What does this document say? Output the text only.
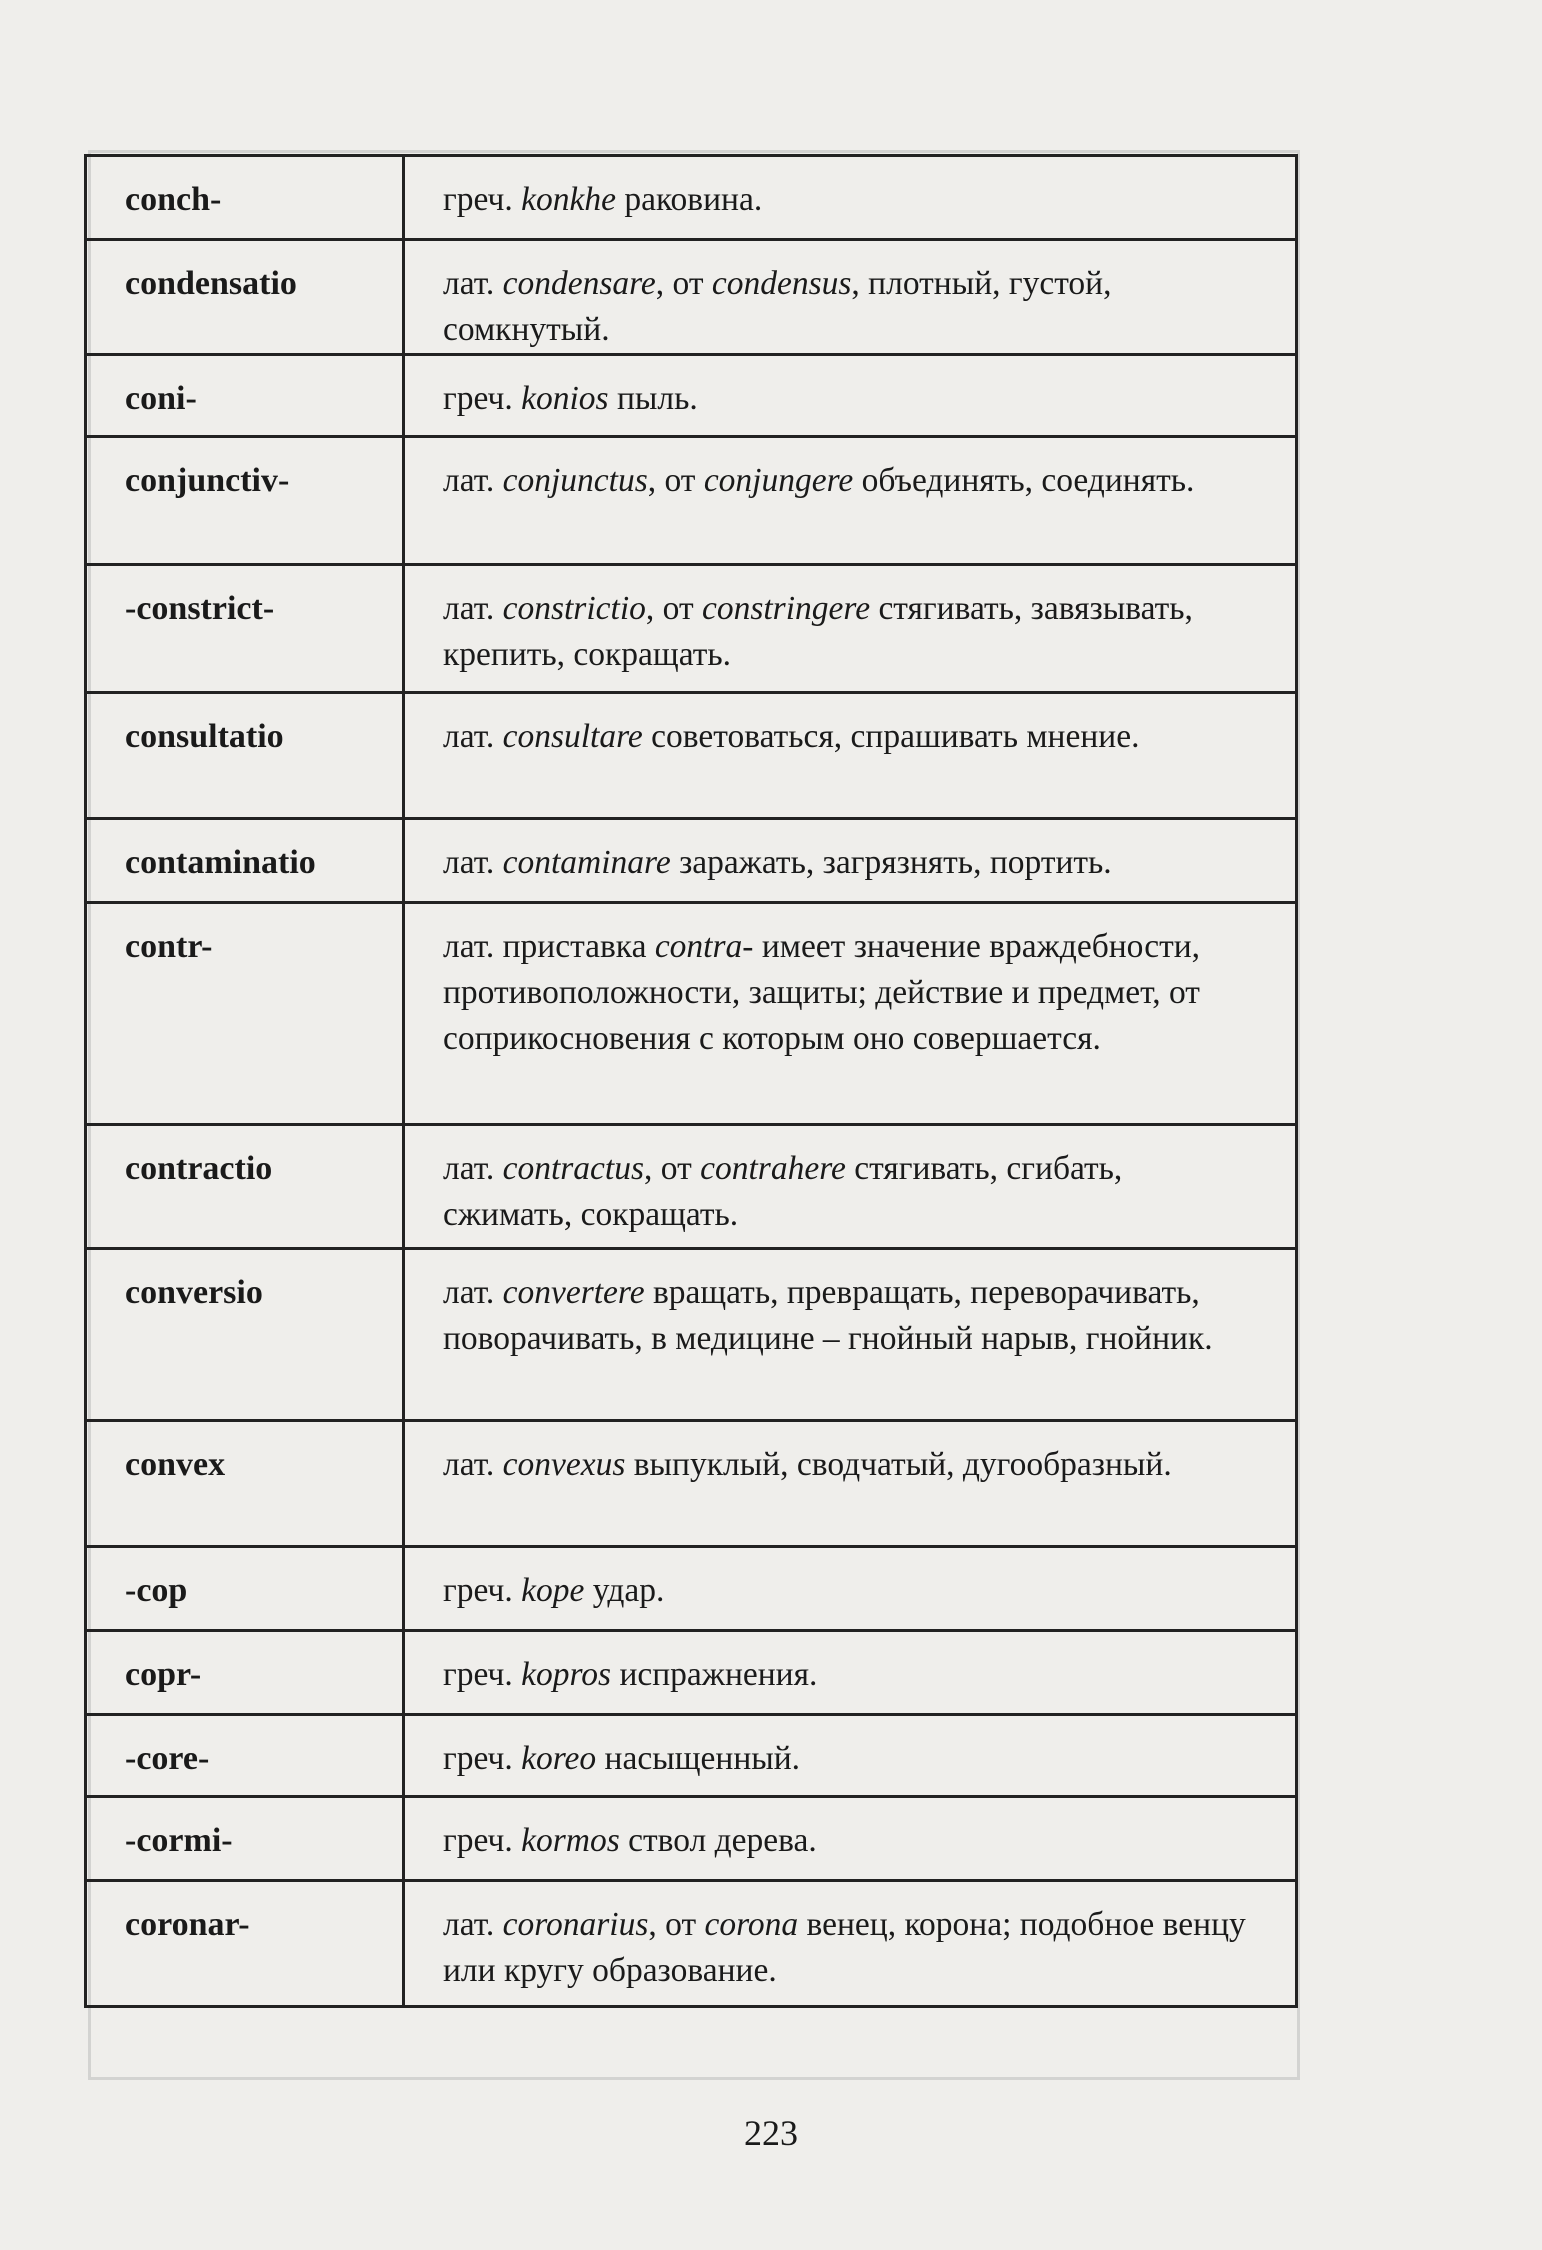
conch-	греч. konkhe раковина.
condensatio	лат. condensare, от condensus, плотный, густой, сомкнутый.
coni-	греч. konios пыль.
conjunctiv-	лат. conjunctus, от conjungere объединять, соединять.
-constrict-	лат. constrictio, от constringere стягивать, завязывать, крепить, сокращать.
consultatio	лат. consultare советоваться, спрашивать мнение.
contaminatio	лат. contaminare заражать, загрязнять, портить.
contr-	лат. приставка contra- имеет значение враждебности, противоположности, защиты; действие и предмет, от соприкосновения с которым оно совершается.
contractio	лат. contractus, от contrahere стягивать, сгибать, сжимать, сокращать.
conversio	лат. convertere вращать, превращать, переворачивать, поворачивать, в медицине – гнойный нарыв, гнойник.
convex	лат. convexus выпуклый, сводчатый, дугообразный.
-cop	греч. kope удар.
copr-	греч. kopros испражнения.
-core-	греч. koreo насыщенный.
-cormi-	греч. kormos ствол дерева.
coronar-	лат. coronarius, от corona венец, корона; подобное венцу или кругу образование.
223
